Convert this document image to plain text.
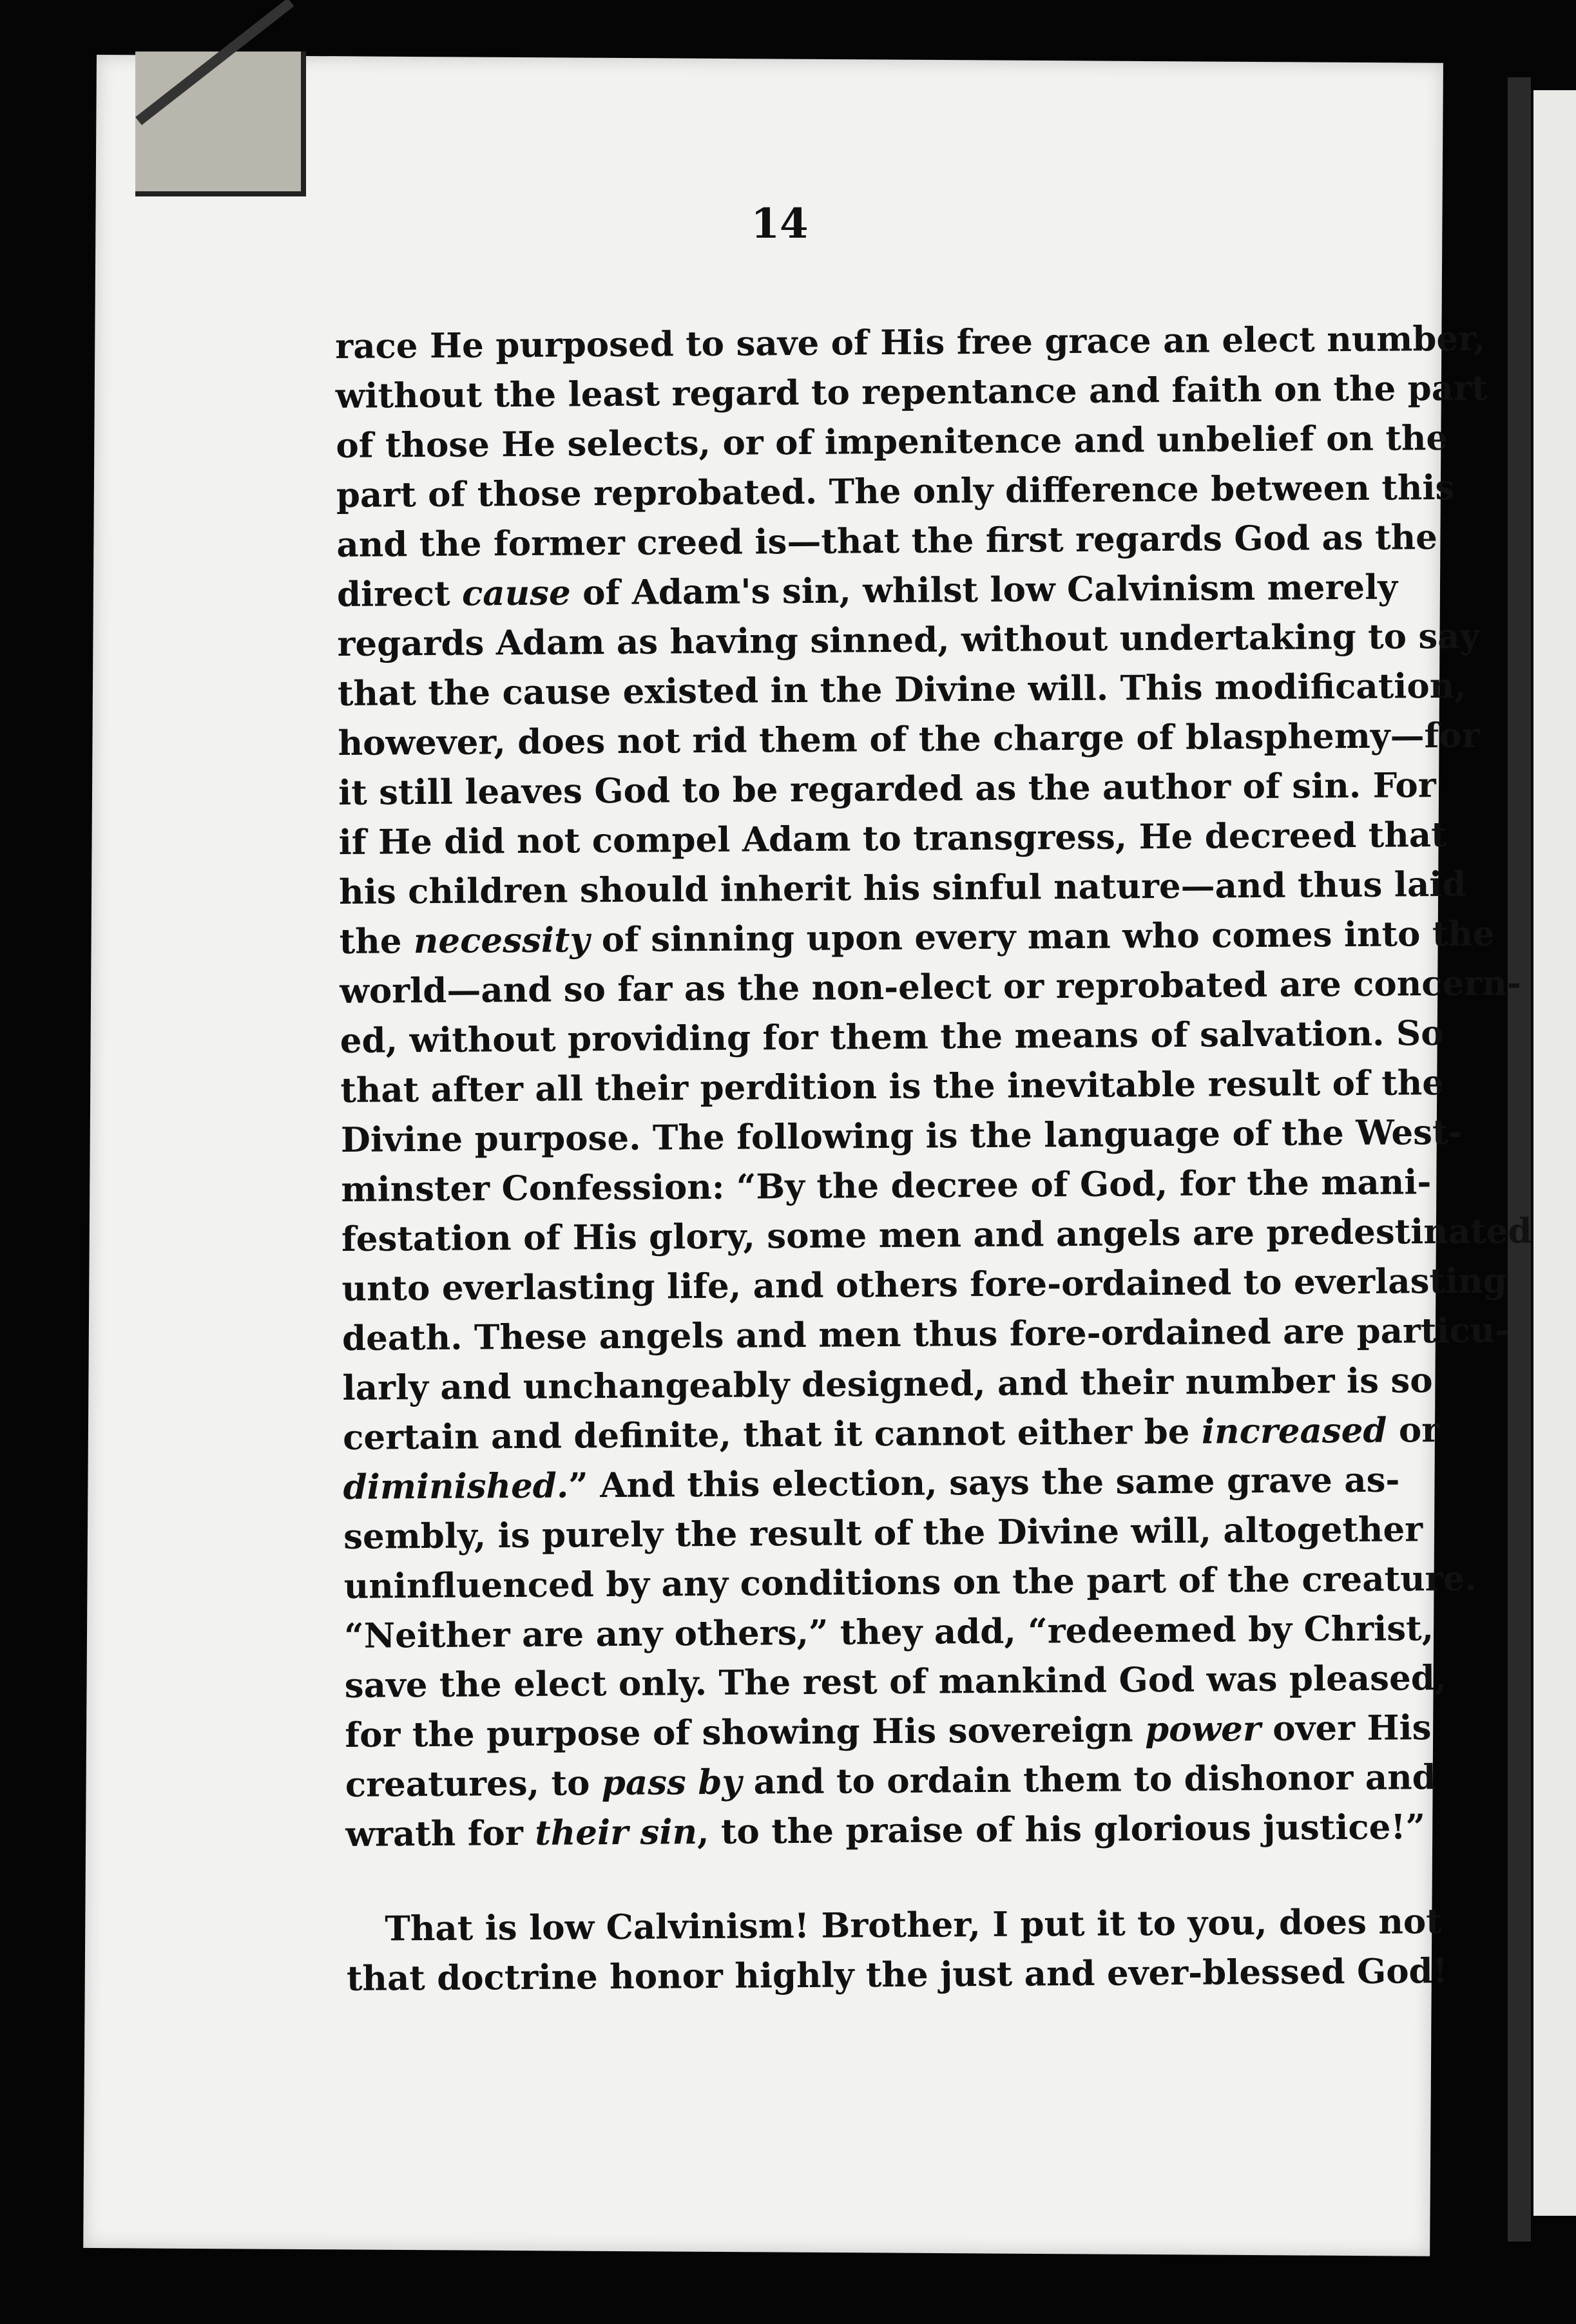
14
race He purposed to save of His free grace an elect number,
without the least regard to repentance and faith on the part
of those He selects, or of impenitence and unbelief on the
part of those reprobated. The only difference between this
and the former creed is—that the first regards God as the
direct cause of Adam's sin, whilst low Calvinism merely
regards Adam as having sinned, without undertaking to say
that the cause existed in the Divine will. This modification,
however, does not rid them of the charge of blasphemy—for
it still leaves God to be regarded as the author of sin. For
if He did not compel Adam to transgress, He decreed that
his children should inherit his sinful nature—and thus laid
the necessity of sinning upon every man who comes into the
world—and so far as the non-elect or reprobated are concern-
ed, without providing for them the means of salvation. So
that after all their perdition is the inevitable result of the
Divine purpose. The following is the language of the West-
minster Confession: “By the decree of God, for the mani-
festation of His glory, some men and angels are predestinated
unto everlasting life, and others fore-ordained to everlasting
death. These angels and men thus fore-ordained are particu-
larly and unchangeably designed, and their number is so
certain and definite, that it cannot either be increased or
diminished.” And this election, says the same grave as-
sembly, is purely the result of the Divine will, altogether
uninfluenced by any conditions on the part of the creature.
“Neither are any others,” they add, “redeemed by Christ,
save the elect only. The rest of mankind God was pleased,
for the purpose of showing His sovereign power over His
creatures, to pass by and to ordain them to dishonor and
wrath for their sin, to the praise of his glorious justice!”
That is low Calvinism! Brother, I put it to you, does not
that doctrine honor highly the just and ever-blessed God!
